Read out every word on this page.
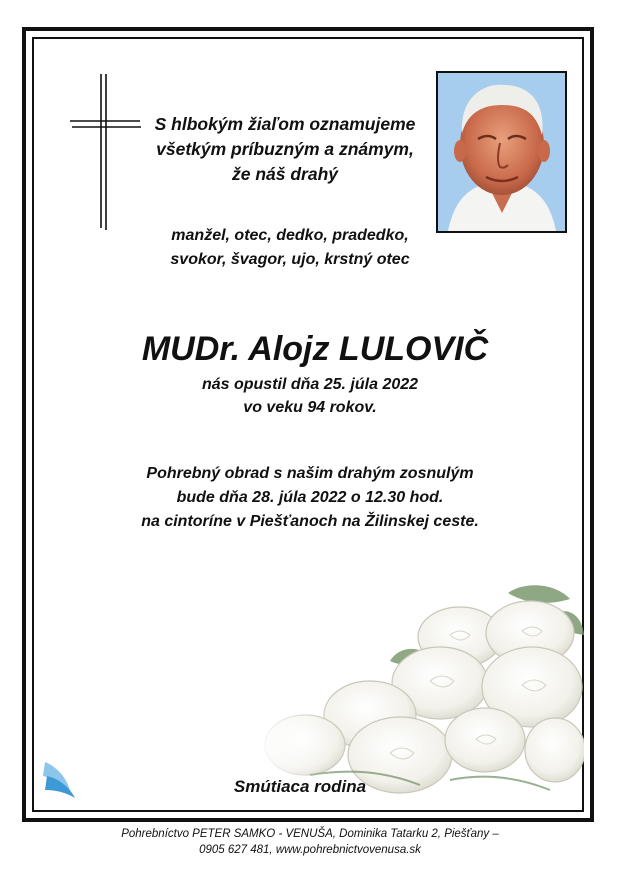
S hlbokým žiaľom oznamujeme
všetkým príbuzným a známym,
že náš drahý
manžel, otec, dedko, pradedko,
svokor, švagor, ujo, krstný otec
MUDr. Alojz LULOVIČ
nás opustil dňa 25. júla 2022
vo veku 94 rokov.
Pohrebný obrad s našim drahým zosnulým
bude dňa 28. júla 2022 o 12.30 hod.
na cintoríne v Piešťanoch na Žilinskej ceste.
Smútiaca rodina
Pohrebníctvo PETER SAMKO - VENUŠA, Dominika Tatarku 2, Piešťany –
0905 627 481, www.pohrebnictvovenusa.sk
